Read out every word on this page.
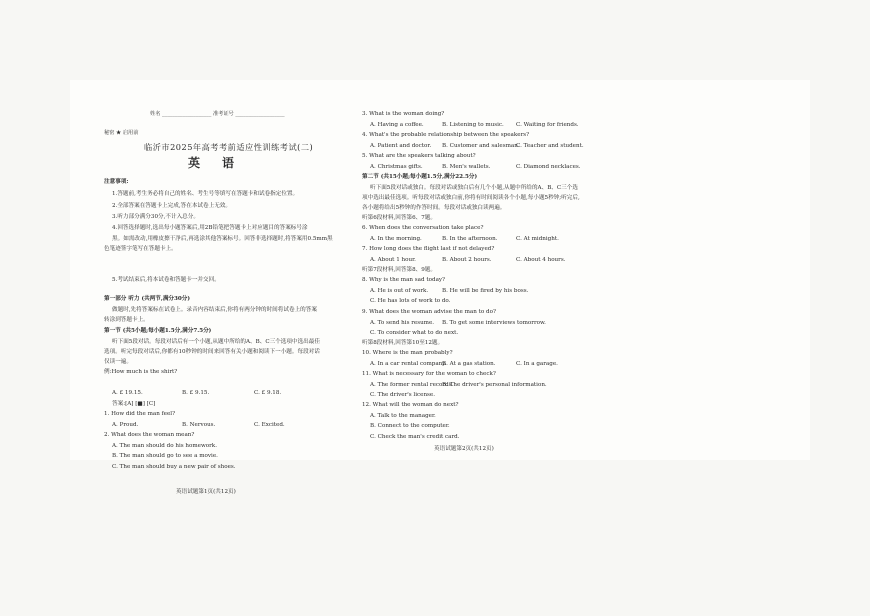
姓名 ___________________ 准考证号 ___________________
秘密 ★ 启用前
临沂市2025年高考考前适应性训练考试(二)
英语
注意事项:
1.答题前,考生务必将自己的姓名、考生号等填写在答题卡和试卷指定位置。
2.全部答案在答题卡上完成,答在本试卷上无效。
3.听力部分满分30分,不计入总分。
4.回答选择题时,选出每小题答案后,用2B铅笔把答题卡上对应题目的答案标号涂
黑。如需改动,用橡皮擦干净后,再选涂其他答案标号。回答非选择题时,将答案用0.5mm黑
色笔迹签字笔写在答题卡上。
5.考试结束后,将本试卷和答题卡一并交回。
第一部分 听力 (共两节,满分30分)
做题时,先将答案标在试卷上。录音内容结束后,你将有两分钟的时间将试卷上的答案
转涂到答题卡上。
第一节 (共5小题;每小题1.5分,满分7.5分)
听下面5段对话。每段对话后有一个小题,从题中所给的A、B、C三个选项中选出最佳
选项。听完每段对话后,你都有10秒钟的时间来回答有关小题和阅读下一小题。每段对话
仅读一遍。
例:How much is the shirt?
A. £ 19.15.	B. £ 9.15.	C. £ 9.18.
答案:[A] [■] [C]
1. How did the man feel?
A. Proud.	B. Nervous.	C. Excited.
2. What does the woman mean?
A. The man should do his homework.
B. The man should go to see a movie.
C. The man should buy a new pair of shoes.
英语试题第1页(共12页)
3. What is the woman doing?
A. Having a coffee.	B. Listening to music. C. Waiting for friends.
4. What's the probable relationship between the speakers?
A. Patient and doctor. B. Customer and salesman.C. Teacher and student.
5. What are the speakers talking about?
A. Christmas gifts.	B. Men's wallets.	C. Diamond necklaces.
第二节 (共15小题;每小题1.5分,满分22.5分)
听下面5段对话或独白。每段对话或独白后有几个小题,从题中所给的A、B、C三个选
项中选出最佳选项。听每段对话或独白前,你将有时间阅读各个小题,每小题5秒钟;听完后,
各小题将给出5秒钟的作答时间。每段对话或独白读两遍。
听第6段材料,回答第6、7题。
6. When does the conversation take place?
A. In the morning.	B. In the afternoon.	C. At midnight.
7. How long does the flight last if not delayed?
A. About 1 hour.	B. About 2 hours.	C. About 4 hours.
听第7段材料,回答第8、9题。
8. Why is the man sad today?
A. He is out of work. B. He will be fired by his boss.
C. He has lots of work to do.
9. What does the woman advise the man to do?
A. To send his resume. B. To get some interviews tomorrow.
C. To consider what to do next.
听第8段材料,回答第10至12题。
10. Where is the man probably?
A. In a car rental company.B. At a gas station.	C. In a garage.
11. What is necessary for the woman to check?
A. The former rental records.B. The driver's personal information.
C. The driver's license.
12. What will the woman do next?
A. Talk to the manager.
B. Connect to the computer.
C. Check the man's credit card.
英语试题第2页(共12页)
